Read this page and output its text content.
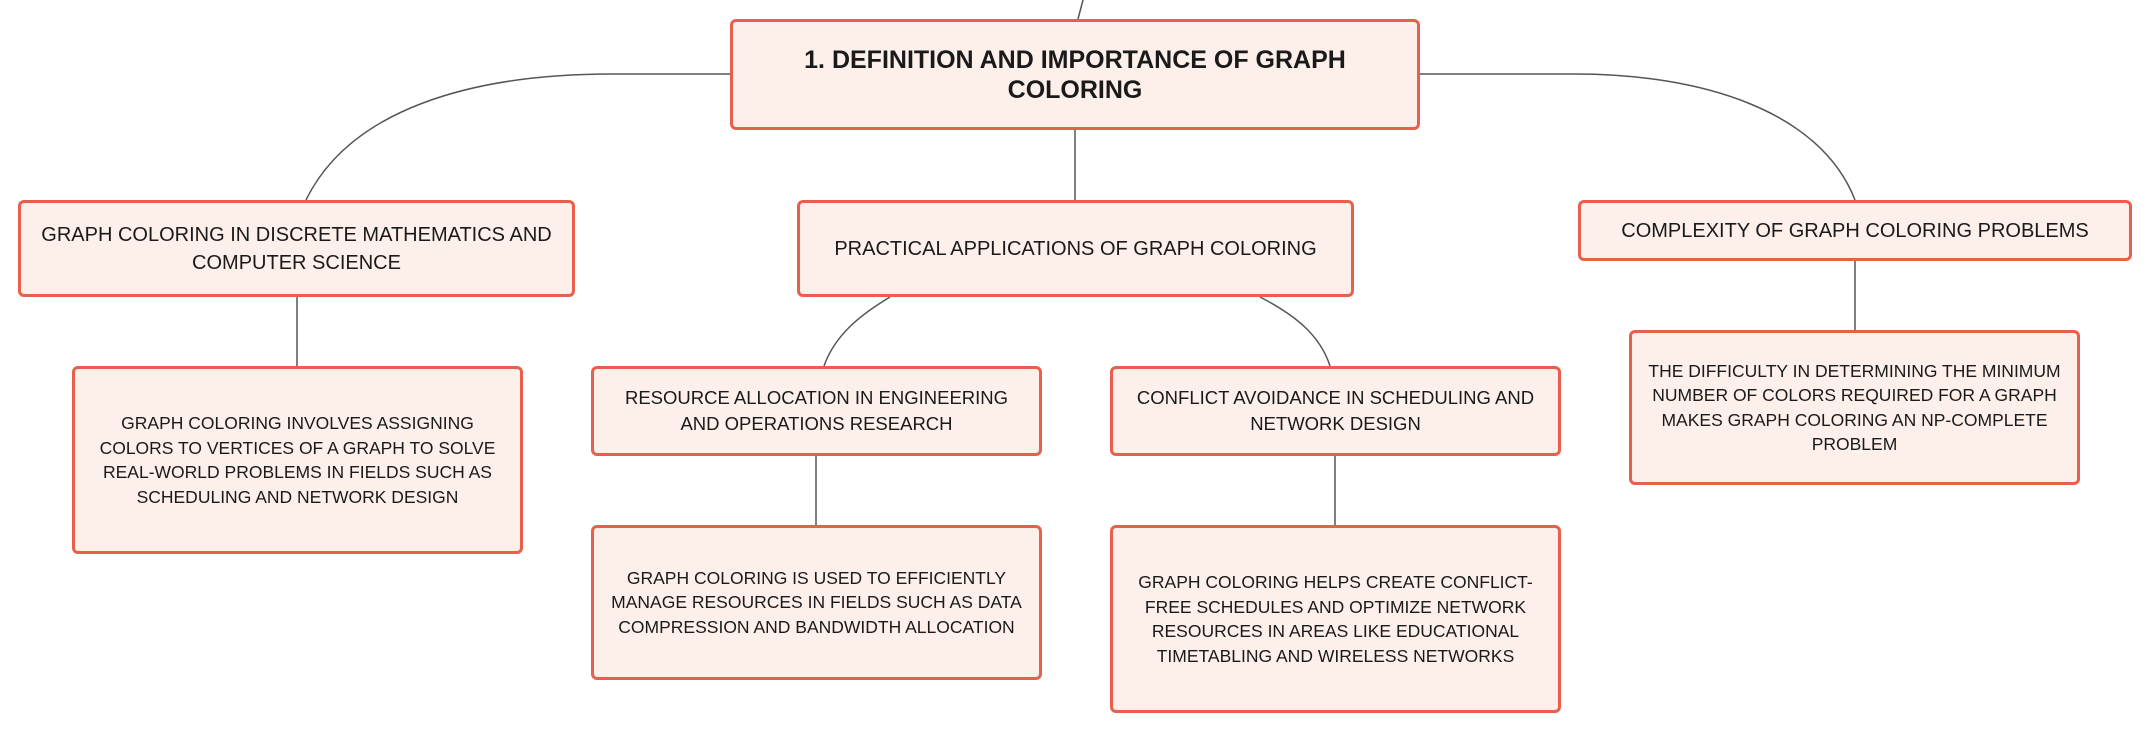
1. DEFINITION AND IMPORTANCE OF GRAPH COLORING
GRAPH COLORING IN DISCRETE MATHEMATICS AND COMPUTER SCIENCE
PRACTICAL APPLICATIONS OF GRAPH COLORING
COMPLEXITY OF GRAPH COLORING PROBLEMS
GRAPH COLORING INVOLVES ASSIGNING COLORS TO VERTICES OF A GRAPH TO SOLVE REAL-WORLD PROBLEMS IN FIELDS SUCH AS SCHEDULING AND NETWORK DESIGN
RESOURCE ALLOCATION IN ENGINEERING AND OPERATIONS RESEARCH
CONFLICT AVOIDANCE IN SCHEDULING AND NETWORK DESIGN
THE DIFFICULTY IN DETERMINING THE MINIMUM NUMBER OF COLORS REQUIRED FOR A GRAPH MAKES GRAPH COLORING AN NP-COMPLETE PROBLEM
GRAPH COLORING IS USED TO EFFICIENTLY MANAGE RESOURCES IN FIELDS SUCH AS DATA COMPRESSION AND BANDWIDTH ALLOCATION
GRAPH COLORING HELPS CREATE CONFLICT-FREE SCHEDULES AND OPTIMIZE NETWORK RESOURCES IN AREAS LIKE EDUCATIONAL TIMETABLING AND WIRELESS NETWORKS
